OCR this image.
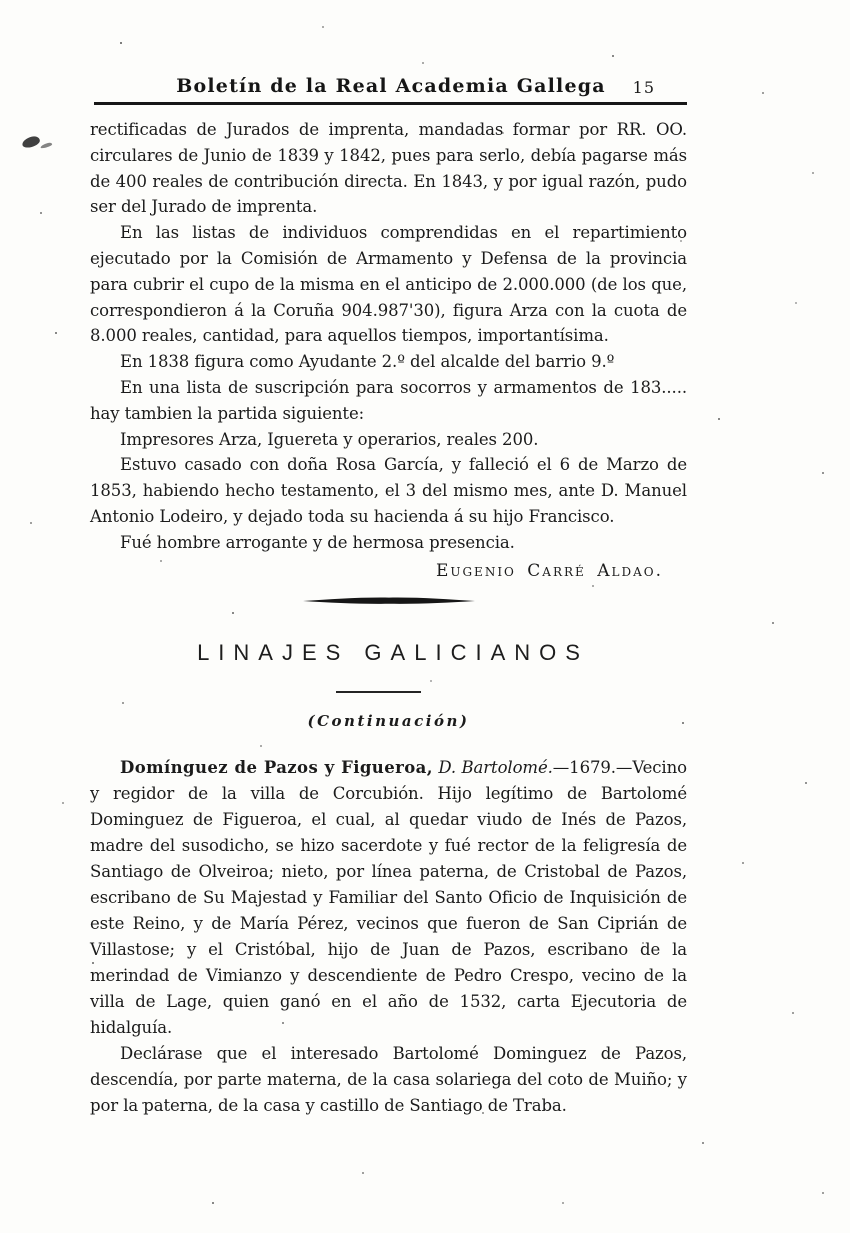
Boletín de la Real Academia Gallega	15

rectificadas de Jurados de imprenta, mandadas formar por RR. OO. circulares de Junio de 1839 y 1842, pues para serlo, debía pagarse más de 400 reales de contribución directa. En 1843, y por igual razón, pudo ser del Jurado de imprenta.

En las listas de individuos comprendidas en el repartimiento ejecutado por la Comisión de Armamento y Defensa de la provincia para cubrir el cupo de la misma en el anticipo de 2.000.000 (de los que, correspondieron á la Coruña 904.987'30), figura Arza con la cuota de 8.000 reales, cantidad, para aquellos tiempos, importantísima.

En 1838 figura como Ayudante 2.º del alcalde del barrio 9.º

En una lista de suscripción para socorros y armamentos de 183..... hay tambien la partida siguiente:

Impresores Arza, Iguereta y operarios, reales 200.

Estuvo casado con doña Rosa García, y falleció el 6 de Marzo de 1853, habiendo hecho testamento, el 3 del mismo mes, ante D. Manuel Antonio Lodeiro, y dejado toda su hacienda á su hijo Francisco.

Fué hombre arrogante y de hermosa presencia.

Eugenio Carré Aldao.

LINAJES GALICIANOS

(Continuación)

Domínguez de Pazos y Figueroa, D. Bartolomé.—1679.—Vecino y regidor de la villa de Corcubión. Hijo legítimo de Bartolomé Dominguez de Figueroa, el cual, al quedar viudo de Inés de Pazos, madre del susodicho, se hizo sacerdote y fué rector de la feligresía de Santiago de Olveiroa; nieto, por línea paterna, de Cristobal de Pazos, escribano de Su Majestad y Familiar del Santo Oficio de Inquisición de este Reino, y de María Pérez, vecinos que fueron de San Ciprián de Villastose; y el Cristóbal, hijo de Juan de Pazos, escribano de la merindad de Vimianzo y descendiente de Pedro Crespo, vecino de la villa de Lage, quien ganó en el año de 1532, carta Ejecutoria de hidalguía.

Declárase que el interesado Bartolomé Dominguez de Pazos, descendía, por parte materna, de la casa solariega del coto de Muiño; y por la paterna, de la casa y castillo de Santiago de Traba.
